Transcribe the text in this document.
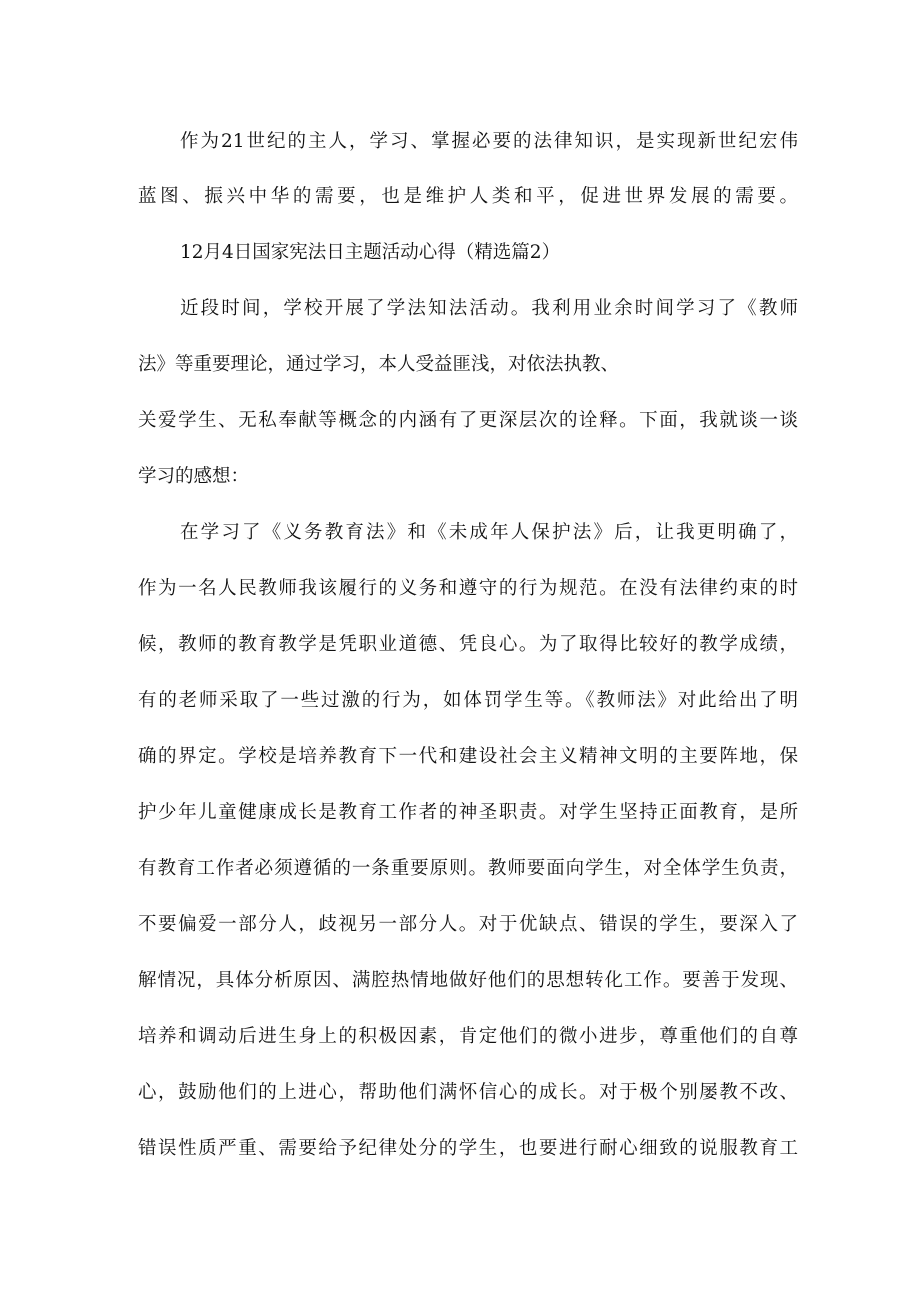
作为21世纪的主人，学习、掌握必要的法律知识，是实现新世纪宏伟
蓝图、振兴中华的需要，也是维护人类和平，促进世界发展的需要。
12月4日国家宪法日主题活动心得（精选篇2）
近段时间，学校开展了学法知法活动。我利用业余时间学习了《教师
法》等重要理论，通过学习，本人受益匪浅，对依法执教、
关爱学生、无私奉献等概念的内涵有了更深层次的诠释。下面，我就谈一谈
学习的感想：
在学习了《义务教育法》和《未成年人保护法》后，让我更明确了，
作为一名人民教师我该履行的义务和遵守的行为规范。在没有法律约束的时
候，教师的教育教学是凭职业道德、凭良心。为了取得比较好的教学成绩，
有的老师采取了一些过激的行为，如体罚学生等。《教师法》对此给出了明
确的界定。学校是培养教育下一代和建设社会主义精神文明的主要阵地，保
护少年儿童健康成长是教育工作者的神圣职责。对学生坚持正面教育，是所
有教育工作者必须遵循的一条重要原则。教师要面向学生，对全体学生负责，
不要偏爱一部分人，歧视另一部分人。对于优缺点、错误的学生，要深入了
解情况，具体分析原因、满腔热情地做好他们的思想转化工作。要善于发现、
培养和调动后进生身上的积极因素，肯定他们的微小进步，尊重他们的自尊
心，鼓励他们的上进心，帮助他们满怀信心的成长。对于极个别屡教不改、
错误性质严重、需要给予纪律处分的学生，也要进行耐心细致的说服教育工
